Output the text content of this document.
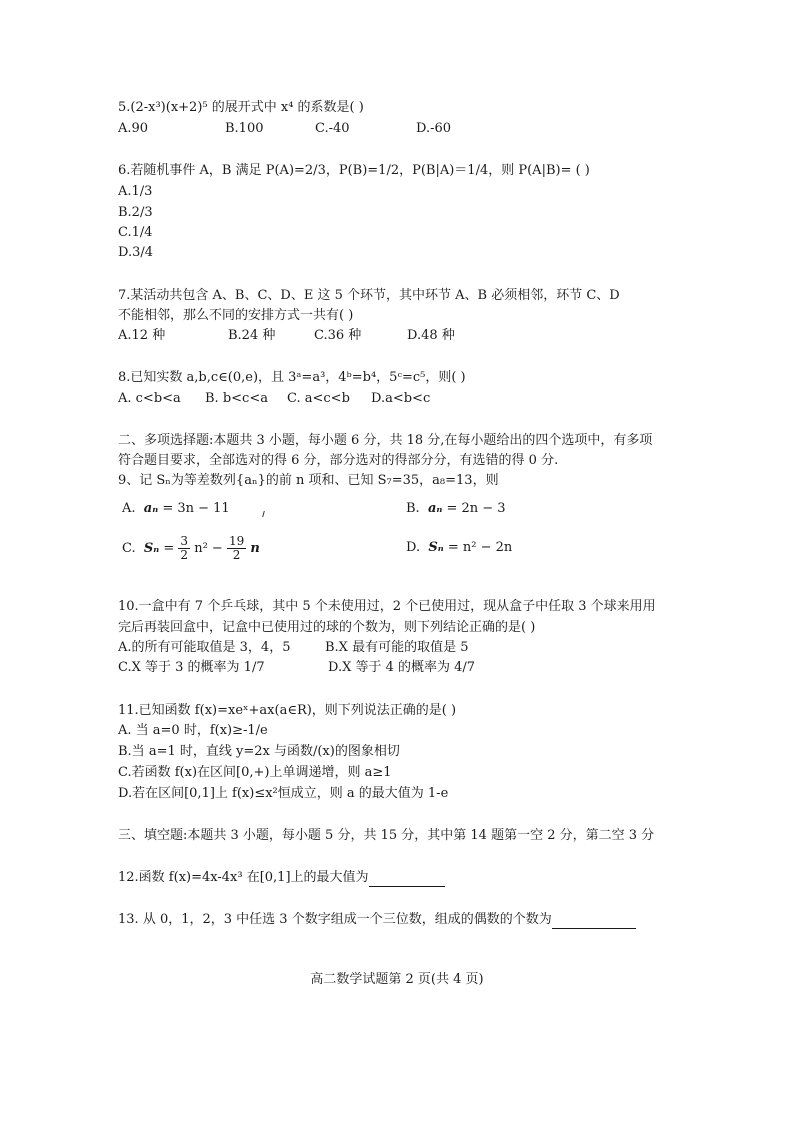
5.(2-x³)(x+2)⁵ 的展开式中 x⁴ 的系数是( )
A.90	B.100	C.-40	D.-60
6.若随机事件 A，B 满足 P(A)=2/3，P(B)=1/2，P(B|A)＝1/4，则 P(A|B)= ( )
A.1/3
B.2/3
C.1/4
D.3/4
7.某活动共包含 A、B、C、D、E 这 5 个环节，其中环节 A、B 必须相邻，环节 C、D
不能相邻，那么不同的安排方式一共有( )
A.12 种	B.24 种	C.36 种	D.48 种
8.已知实数 a,b,c∈(0,e)，且 3ᵃ=a³，4ᵇ=b⁴，5ᶜ=c⁵，则( )
A. c<b<a B. b<c<a C. a<c<b D.a<b<c
二、多项选择题:本题共 3 小题，每小题 6 分，共 18 分,在每小题给出的四个选项中，有多项
符合题目要求，全部选对的得 6 分，部分选对的得部分分，有选错的得 0 分.
9、记 Sₙ为等差数列{aₙ}的前 n 项和、已知 S₇=35，a₈=13，则
A. aₙ = 3n − 11	B. aₙ = 2n − 3
C. $S_n = \frac{3}{2} n^2 - \frac{19}{2}$ n	D. Sₙ = n² − 2n
10.一盒中有 7 个乒乓球，其中 5 个未使用过，2 个已使用过，现从盒子中任取 3 个球来用用
完后再装回盒中，记盒中已使用过的球的个数为，则下列结论正确的是( )
A.的所有可能取值是 3，4，5	B.X 最有可能的取值是 5
C.X 等于 3 的概率为 1/7	D.X 等于 4 的概率为 4/7
11.已知函数 f(x)=xeˣ+ax(a∈R)，则下列说法正确的是( )
A. 当 a=0 时，f(x)≥-1/e
B.当 a=1 时，直线 y=2x 与函数/(x)的图象相切
C.若函数 f(x)在区间[0,+)上单调递增，则 a≥1
D.若在区间[0,1]上 f(x)≤x²恒成立，则 a 的最大值为 1-e
三、填空题:本题共 3 小题，每小题 5 分，共 15 分，其中第 14 题第一空 2 分，第二空 3 分
12.函数 f(x)=4x-4x³ 在[0,1]上的最大值为
13. 从 0，1，2，3 中任选 3 个数字组成一个三位数，组成的偶数的个数为
高二数学试题第 2 页(共 4 页)
